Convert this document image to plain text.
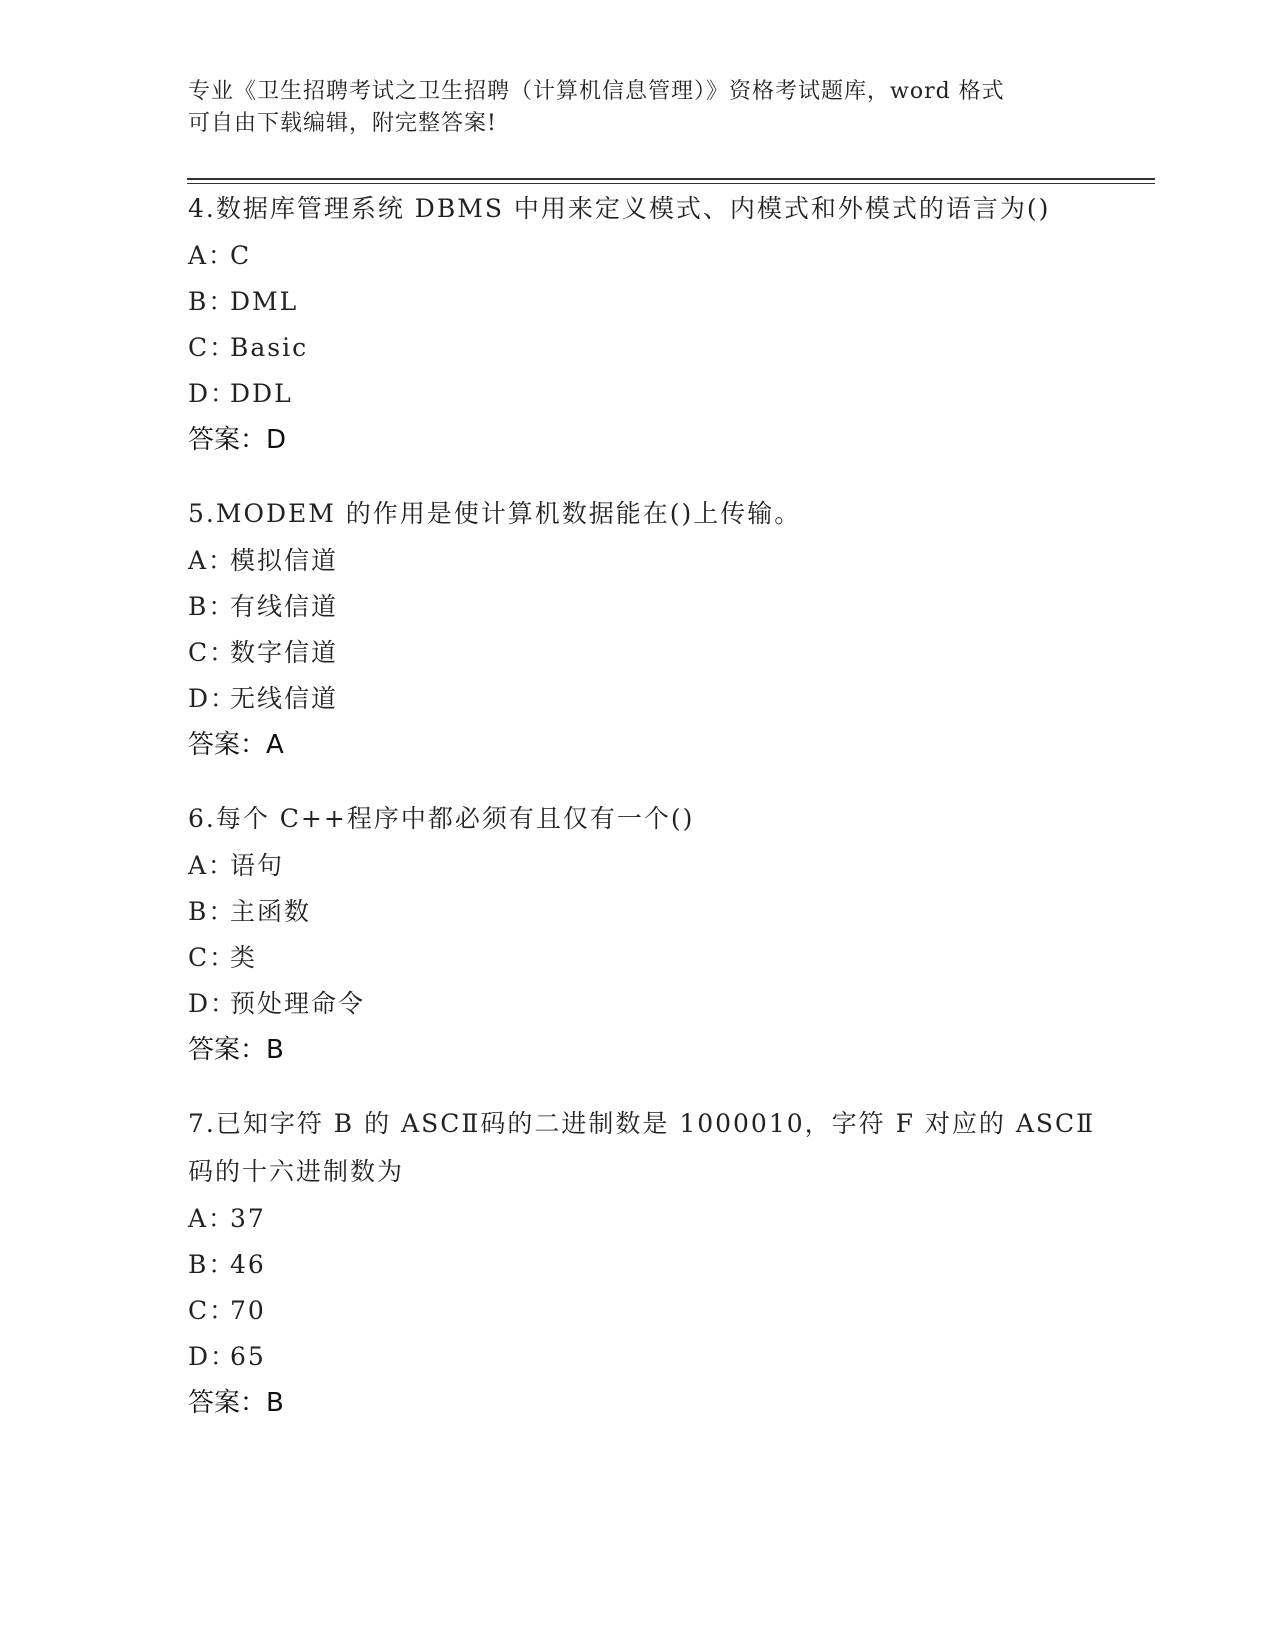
专业《卫生招聘考试之卫生招聘（计算机信息管理）》资格考试题库，word 格式
可自由下载编辑，附完整答案!
4.数据库管理系统 DBMS 中用来定义模式、内模式和外模式的语言为()
A：C
B：DML
C：Basic
D：DDL
答案：D
5.MODEM 的作用是使计算机数据能在()上传输。
A：模拟信道
B：有线信道
C：数字信道
D：无线信道
答案：A
6.每个 C++程序中都必须有且仅有一个()
A：语句
B：主函数
C：类
D：预处理命令
答案：B
7.已知字符 B 的 ASCⅡ码的二进制数是 1000010，字符 F 对应的 ASCⅡ
码的十六进制数为
A：37
B：46
C：70
D：65
答案：B
